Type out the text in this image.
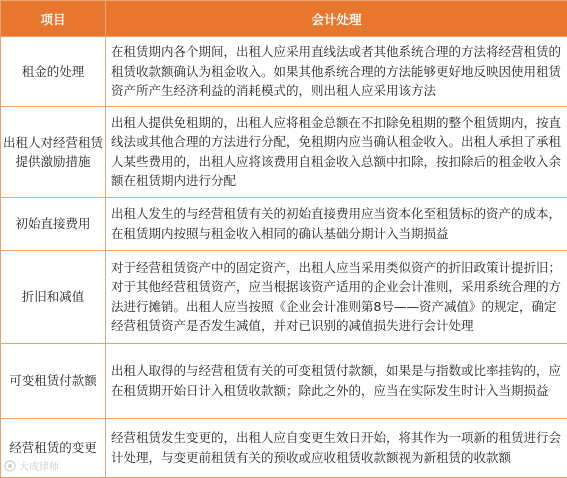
项目	会计处理
租金的处理	在租赁期内各个期间，出租人应采用直线法或者其他系统合理的方法将经营租赁的租赁收款额确认为租金收入。如果其他系统合理的方法能够更好地反映因使用租赁资产所产生经济利益的消耗模式的，则出租人应采用该方法
出租人对经营租赁提供激励措施	出租人提供免租期的，出租人应将租金总额在不扣除免租期的整个租赁期内，按直线法或其他合理的方法进行分配，免租期内应当确认租金收入。出租人承担了承租人某些费用的，出租人应将该费用自租金收入总额中扣除，按扣除后的租金收入余额在租赁期内进行分配
初始直接费用	出租人发生的与经营租赁有关的初始直接费用应当资本化至租赁标的资产的成本，在租赁期内按照与租金收入相同的确认基础分期计入当期损益
折旧和减值	对于经营租赁资产中的固定资产，出租人应当采用类似资产的折旧政策计提折旧；对于其他经营租赁资产，应当根据该资产适用的企业会计准则，采用系统合理的方法进行摊销。出租人应当按照《企业会计准则第8号——资产减值》的规定，确定经营租赁资产是否发生减值，并对已识别的减值损失进行会计处理
可变租赁付款额	出租人取得的与经营租赁有关的可变租赁付款额，如果是与指数或比率挂钩的，应在租赁期开始日计入租赁收款额；除此之外的，应当在实际发生时计入当期损益
经营租赁的变更	经营租赁发生变更的，出租人应自变更生效日开始，将其作为一项新的租赁进行会计处理，与变更前租赁有关的预收或应收租赁收款额视为新租赁的收款额
大成律师
